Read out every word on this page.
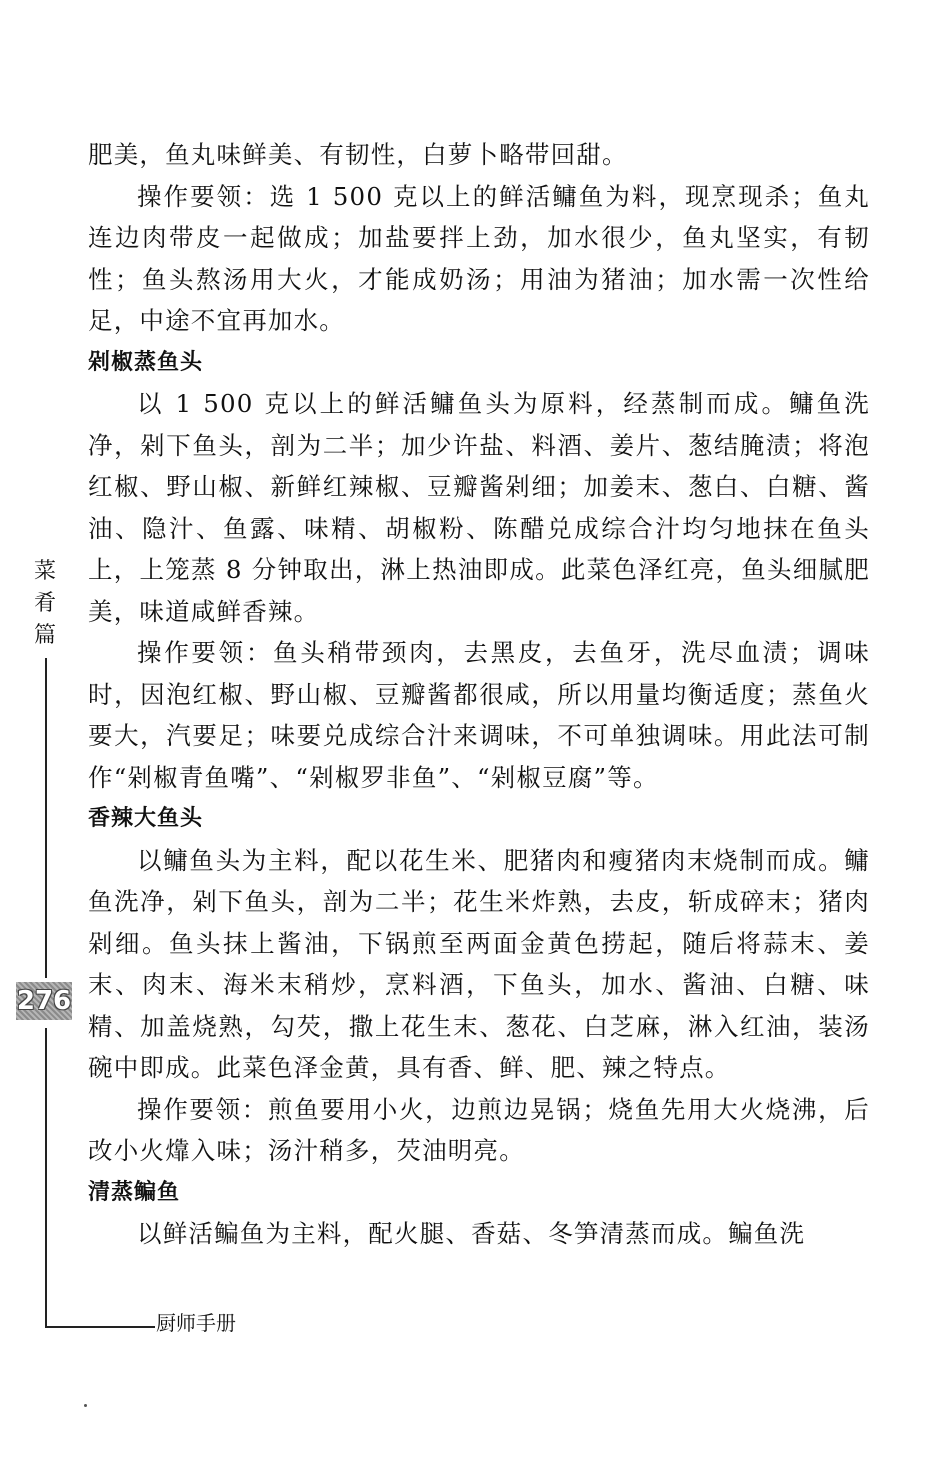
肥美，鱼丸味鲜美、有韧性，白萝卜略带回甜。

操作要领：选 1 500 克以上的鲜活鳙鱼为料，现烹现杀；鱼丸连边肉带皮一起做成；加盐要拌上劲，加水很少，鱼丸坚实，有韧性；鱼头熬汤用大火，才能成奶汤；用油为猪油；加水需一次性给足，中途不宜再加水。

剁椒蒸鱼头

以 1 500 克以上的鲜活鳙鱼头为原料，经蒸制而成。鳙鱼洗净，剁下鱼头，剖为二半；加少许盐、料酒、姜片、葱结腌渍；将泡红椒、野山椒、新鲜红辣椒、豆瓣酱剁细；加姜末、葱白、白糖、酱油、隐汁、鱼露、味精、胡椒粉、陈醋兑成综合汁均匀地抹在鱼头上，上笼蒸 8 分钟取出，淋上热油即成。此菜色泽红亮，鱼头细腻肥美，味道咸鲜香辣。

操作要领：鱼头稍带颈肉，去黑皮，去鱼牙，洗尽血渍；调味时，因泡红椒、野山椒、豆瓣酱都很咸，所以用量均衡适度；蒸鱼火要大，汽要足；味要兑成综合汁来调味，不可单独调味。用此法可制作“剁椒青鱼嘴”、“剁椒罗非鱼”、“剁椒豆腐”等。

香辣大鱼头

以鳙鱼头为主料，配以花生米、肥猪肉和瘦猪肉末烧制而成。鳙鱼洗净，剁下鱼头，剖为二半；花生米炸熟，去皮，斩成碎末；猪肉剁细。鱼头抹上酱油，下锅煎至两面金黄色捞起，随后将蒜末、姜末、肉末、海米末稍炒，烹料酒，下鱼头，加水、酱油、白糖、味精、加盖烧熟，勾芡，撒上花生末、葱花、白芝麻，淋入红油，装汤碗中即成。此菜色泽金黄，具有香、鲜、肥、辣之特点。

操作要领：煎鱼要用小火，边煎边晃锅；烧鱼先用大火烧沸，后改小火㸆入味；汤汁稍多，芡油明亮。

清蒸鳊鱼

以鲜活鳊鱼为主料，配火腿、香菇、冬笋清蒸而成。鳊鱼洗

菜
肴
篇
276
厨师手册
